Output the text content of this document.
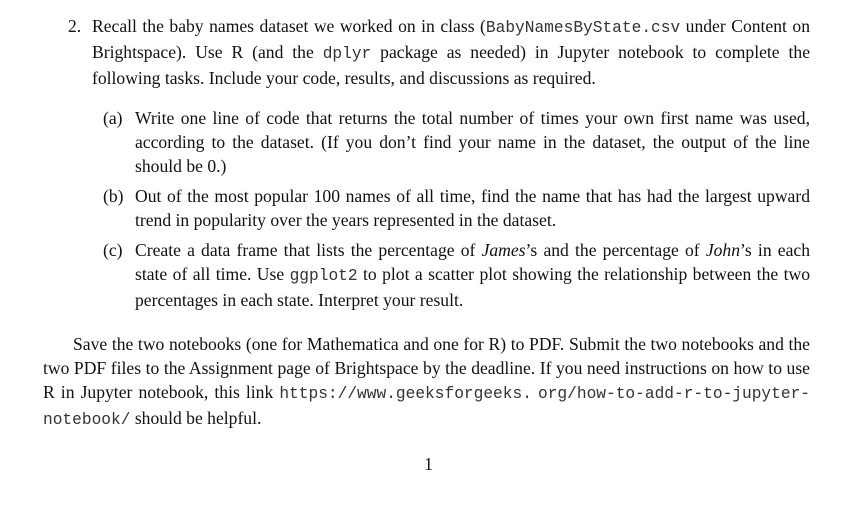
2. Recall the baby names dataset we worked on in class (BabyNamesByState.csv under Content on Brightspace). Use R (and the dplyr package as needed) in Jupyter notebook to complete the following tasks. Include your code, results, and discussions as required.
(a) Write one line of code that returns the total number of times your own first name was used, according to the dataset. (If you don’t find your name in the dataset, the output of the line should be 0.)
(b) Out of the most popular 100 names of all time, find the name that has had the largest upward trend in popularity over the years represented in the dataset.
(c) Create a data frame that lists the percentage of James’s and the percentage of John’s in each state of all time. Use ggplot2 to plot a scatter plot showing the relationship between the two percentages in each state. Interpret your result.
Save the two notebooks (one for Mathematica and one for R) to PDF. Submit the two notebooks and the two PDF files to the Assignment page of Brightspace by the deadline. If you need instructions on how to use R in Jupyter notebook, this link https://www.geeksforgeeks. org/how-to-add-r-to-jupyter-notebook/ should be helpful.
1
